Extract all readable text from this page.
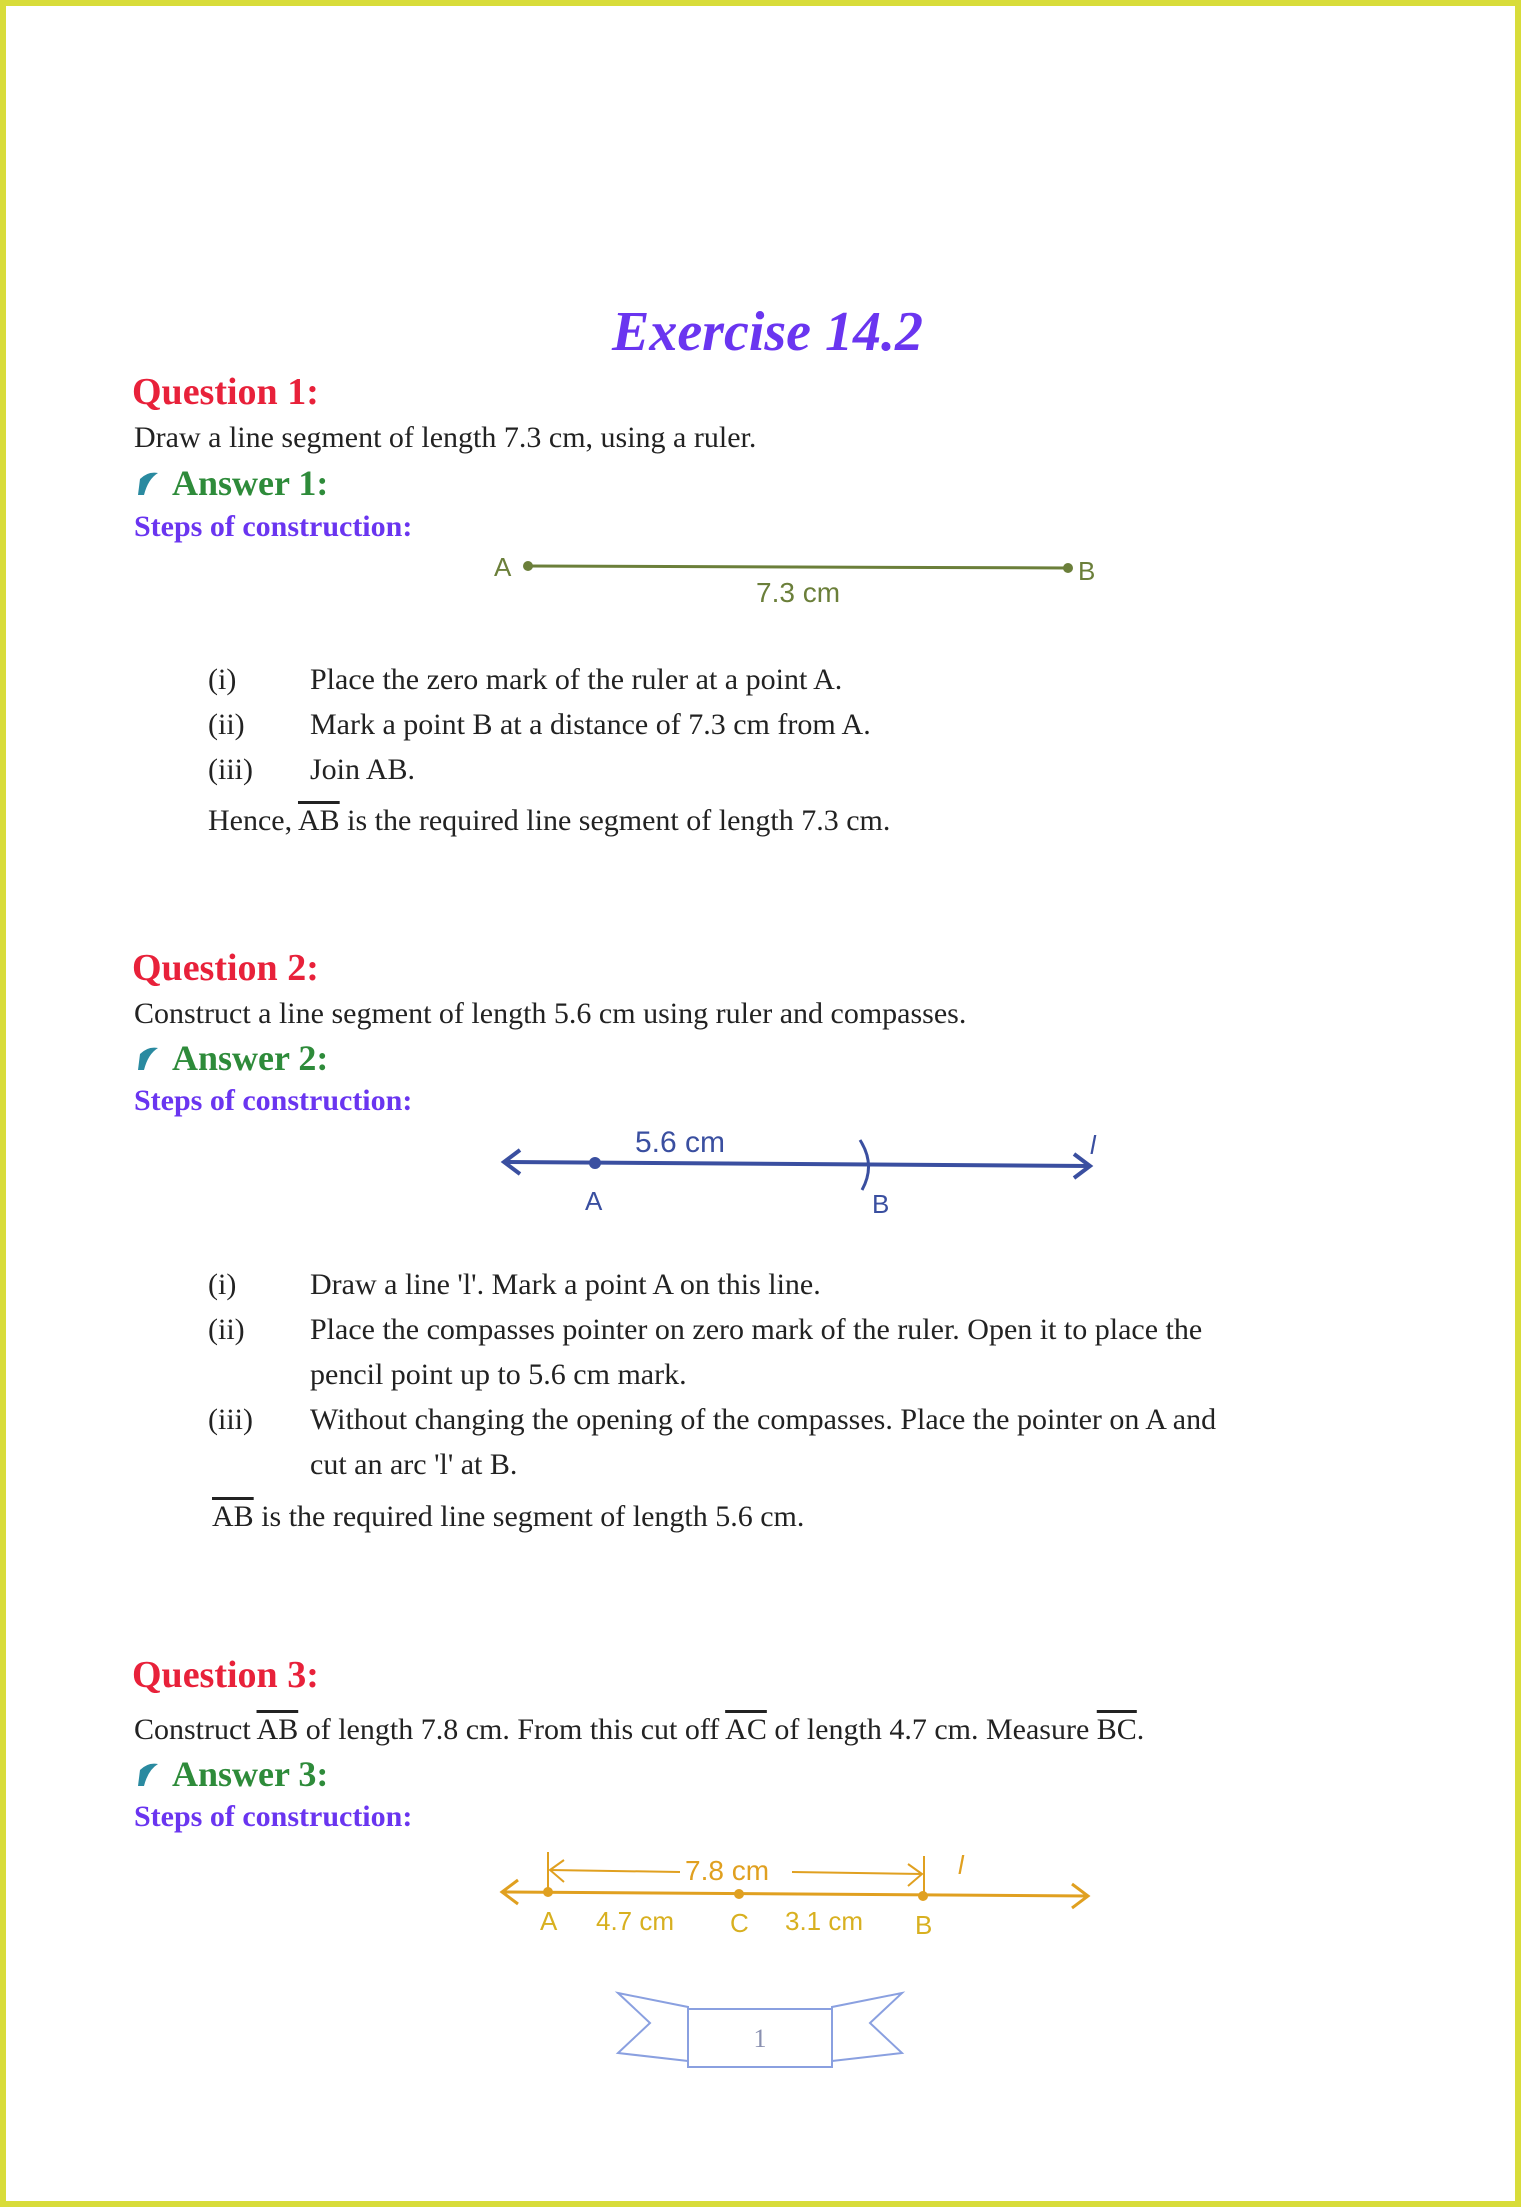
Exercise 14.2
Question 1:
Draw a line segment of length 7.3 cm, using a ruler.
Answer 1:
Steps of construction:
A	B
7.3 cm
(i) Place the zero mark of the ruler at a point A.
(ii) Mark a point B at a distance of 7.3 cm from A.
(iii) Join AB.
Hence, $\overline{AB}$ is the required line segment of length 7.3 cm.
Question 2:
Construct a line segment of length 5.6 cm using ruler and compasses.
Answer 2:
Steps of construction:
A	B
l
5.6 cm
(i) Draw a line 'l'. Mark a point A on this line.
(ii) Place the compasses pointer on zero mark of the ruler. Open it to place the
pencil point up to 5.6 cm mark.
(iii) Without changing the opening of the compasses. Place the pointer on A and
cut an arc 'l' at B.
$\overline{AB}$ is the required line segment of length 5.6 cm.
Question 3:
Construct $\overline{AB}$ of length 7.8 cm. From this cut off $\overline{AC}$ of length 4.7 cm. Measure $\overline{BC}$.
Answer 3:
Steps of construction:
7.8 cm
A 4.7 cm C 3.1 cm B
l
1
